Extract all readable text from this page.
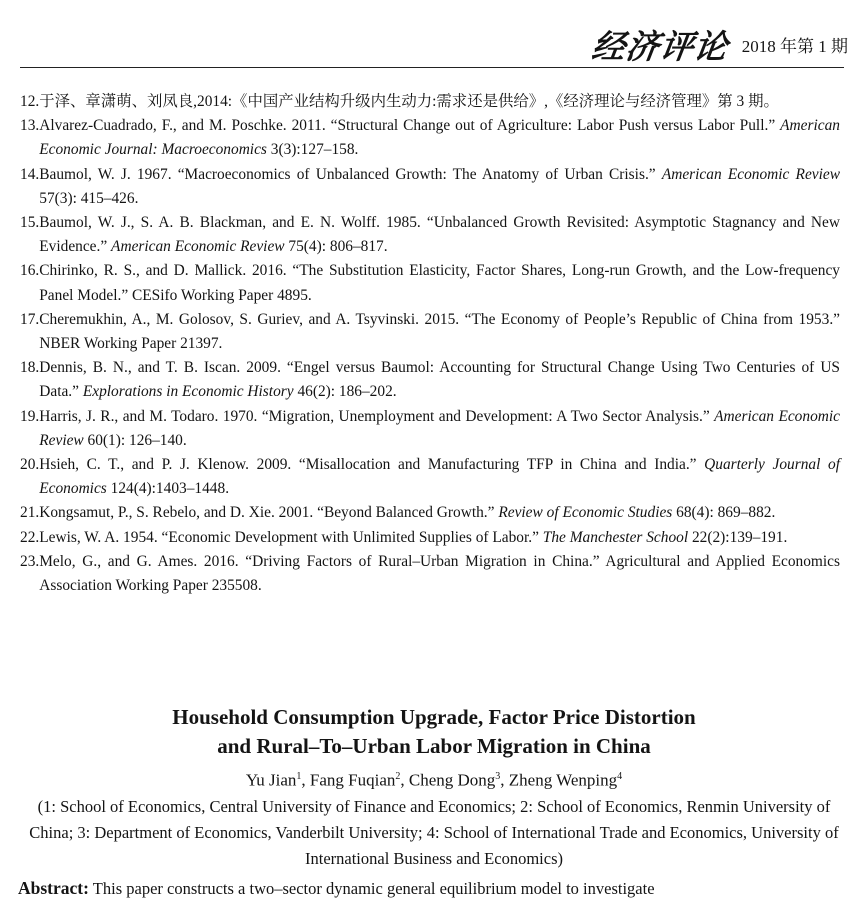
经济评论 2018 年第 1 期
12. 于泽、章潇萌、刘凤良,2014:《中国产业结构升级内生动力:需求还是供给》,《经济理论与经济管理》第 3 期。
13. Alvarez-Cuadrado, F., and M. Poschke. 2011. “Structural Change out of Agriculture: Labor Push versus Labor Pull.” American Economic Journal: Macroeconomics 3(3):127–158.
14. Baumol, W. J. 1967. “Macroeconomics of Unbalanced Growth: The Anatomy of Urban Crisis.” American Economic Review 57(3): 415–426.
15. Baumol, W. J., S. A. B. Blackman, and E. N. Wolff. 1985. “Unbalanced Growth Revisited: Asymptotic Stagnancy and New Evidence.” American Economic Review 75(4): 806–817.
16. Chirinko, R. S., and D. Mallick. 2016. “The Substitution Elasticity, Factor Shares, Long-run Growth, and the Low-frequency Panel Model.” CESifo Working Paper 4895.
17. Cheremukhin, A., M. Golosov, S. Guriev, and A. Tsyvinski. 2015. “The Economy of People’s Republic of China from 1953.” NBER Working Paper 21397.
18. Dennis, B. N., and T. B. Iscan. 2009. “Engel versus Baumol: Accounting for Structural Change Using Two Centuries of US Data.” Explorations in Economic History 46(2): 186–202.
19. Harris, J. R., and M. Todaro. 1970. “Migration, Unemployment and Development: A Two Sector Analysis.” American Economic Review 60(1): 126–140.
20. Hsieh, C. T., and P. J. Klenow. 2009. “Misallocation and Manufacturing TFP in China and India.” Quarterly Journal of Economics 124(4):1403–1448.
21. Kongsamut, P., S. Rebelo, and D. Xie. 2001. “Beyond Balanced Growth.” Review of Economic Studies 68(4): 869–882.
22. Lewis, W. A. 1954. “Economic Development with Unlimited Supplies of Labor.” The Manchester School 22(2):139–191.
23. Melo, G., and G. Ames. 2016. “Driving Factors of Rural–Urban Migration in China.” Agricultural and Applied Economics Association Working Paper 235508.
Household Consumption Upgrade, Factor Price Distortion
and Rural–To–Urban Labor Migration in China
Yu Jian$^1$, Fang Fuqian$^2$, Cheng Dong$^3$, Zheng Wenping$^4$
(1: School of Economics, Central University of Finance and Economics; 2: School of Economics, Renmin University of China; 3: Department of Economics, Vanderbilt University; 4: School of International Trade and Economics, University of International Business and Economics)
Abstract: This paper constructs a two–sector dynamic general equilibrium model to investigate
